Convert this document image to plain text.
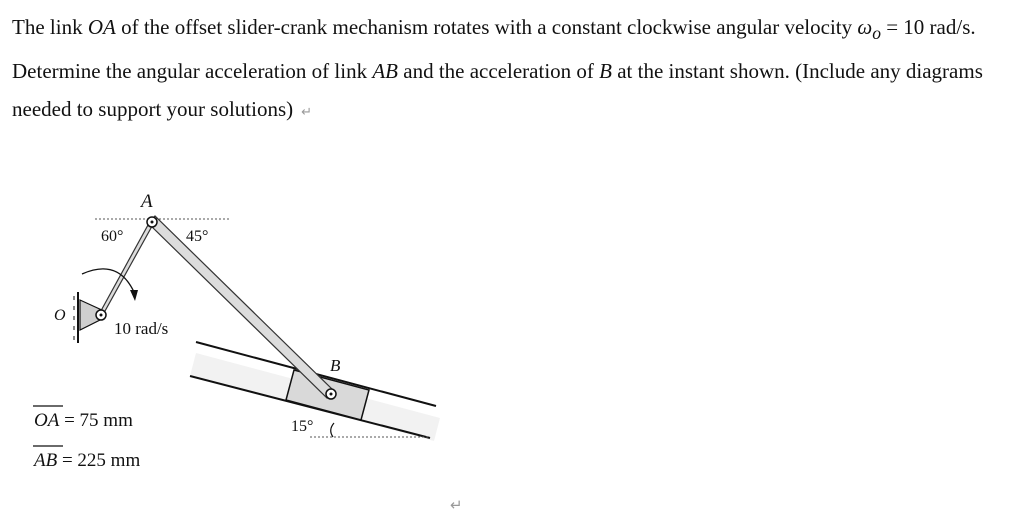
The link OA of the offset slider-crank mechanism rotates with a constant clockwise angular velocity $\omega_o = 10$ rad/s. Determine the angular acceleration of link AB and the acceleration of B at the instant shown. (Include any diagrams needed to support your solutions) ↵
A
60°	45°
O
10 rad/s
B
15°
OA = 75 mm
AB = 225 mm
↵
